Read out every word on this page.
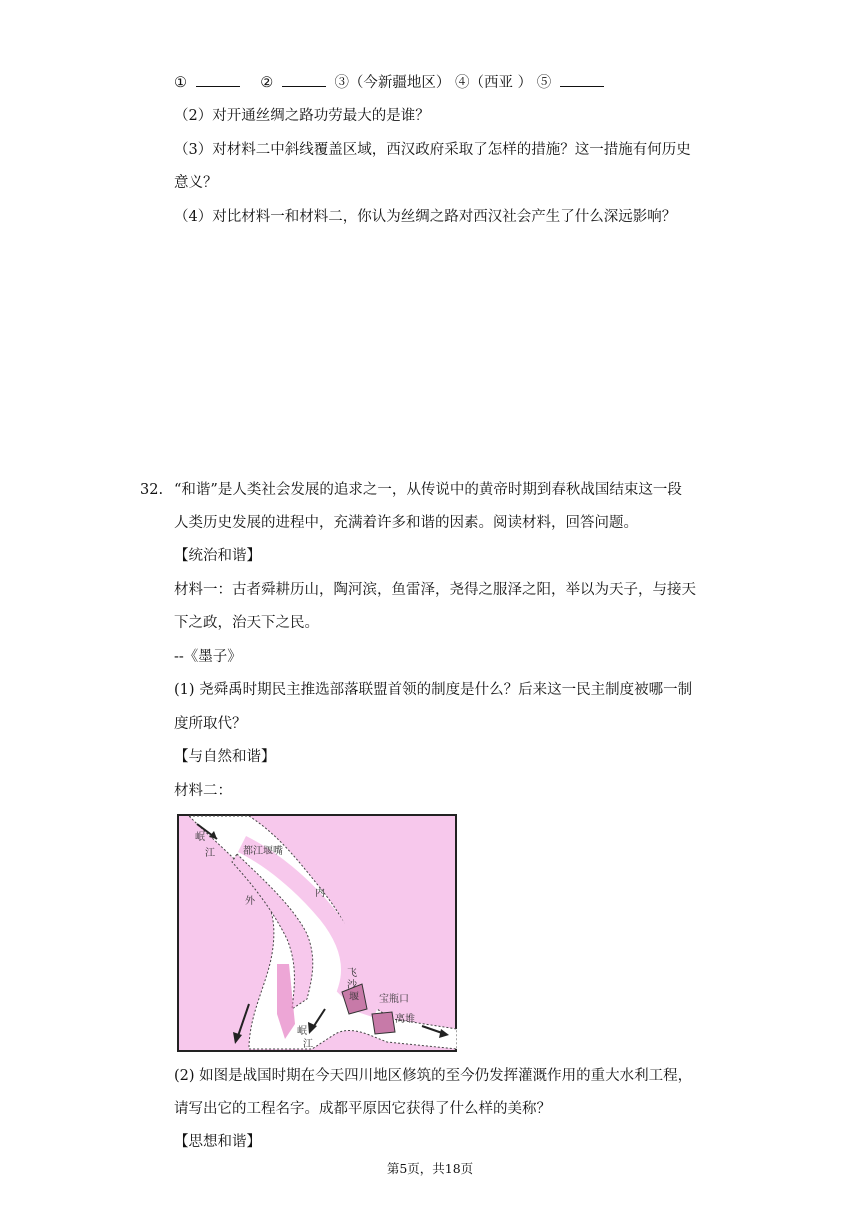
①	②	③（今新疆地区） ④（西亚 ） ⑤
（2）对开通丝绸之路功劳最大的是谁？
（3）对材料二中斜线覆盖区域，西汉政府采取了怎样的措施？这一措施有何历史
意义？
（4）对比材料一和材料二，你认为丝绸之路对西汉社会产生了什么深远影响？
32. “和谐”是人类社会发展的追求之一，从传说中的黄帝时期到春秋战国结束这一段
人类历史发展的进程中，充满着许多和谐的因素。阅读材料，回答问题。
【统治和谐】
材料一：古者舜耕历山，陶河滨，鱼雷泽，尧得之服泽之阳，举以为天子，与接天
下之政，治天下之民。
--《墨子》
(1) 尧舜禹时期民主推选部落联盟首领的制度是什么？后来这一民主制度被哪一制
度所取代？
【与自然和谐】
材料二：
岷
江	都江堰嘴
内
外
飞
沙
堰 宝瓶口
离堆
岷
江
(2) 如图是战国时期在今天四川地区修筑的至今仍发挥灌溉作用的重大水利工程，
请写出它的工程名字。成都平原因它获得了什么样的美称？
【思想和谐】
第5页，共18页
